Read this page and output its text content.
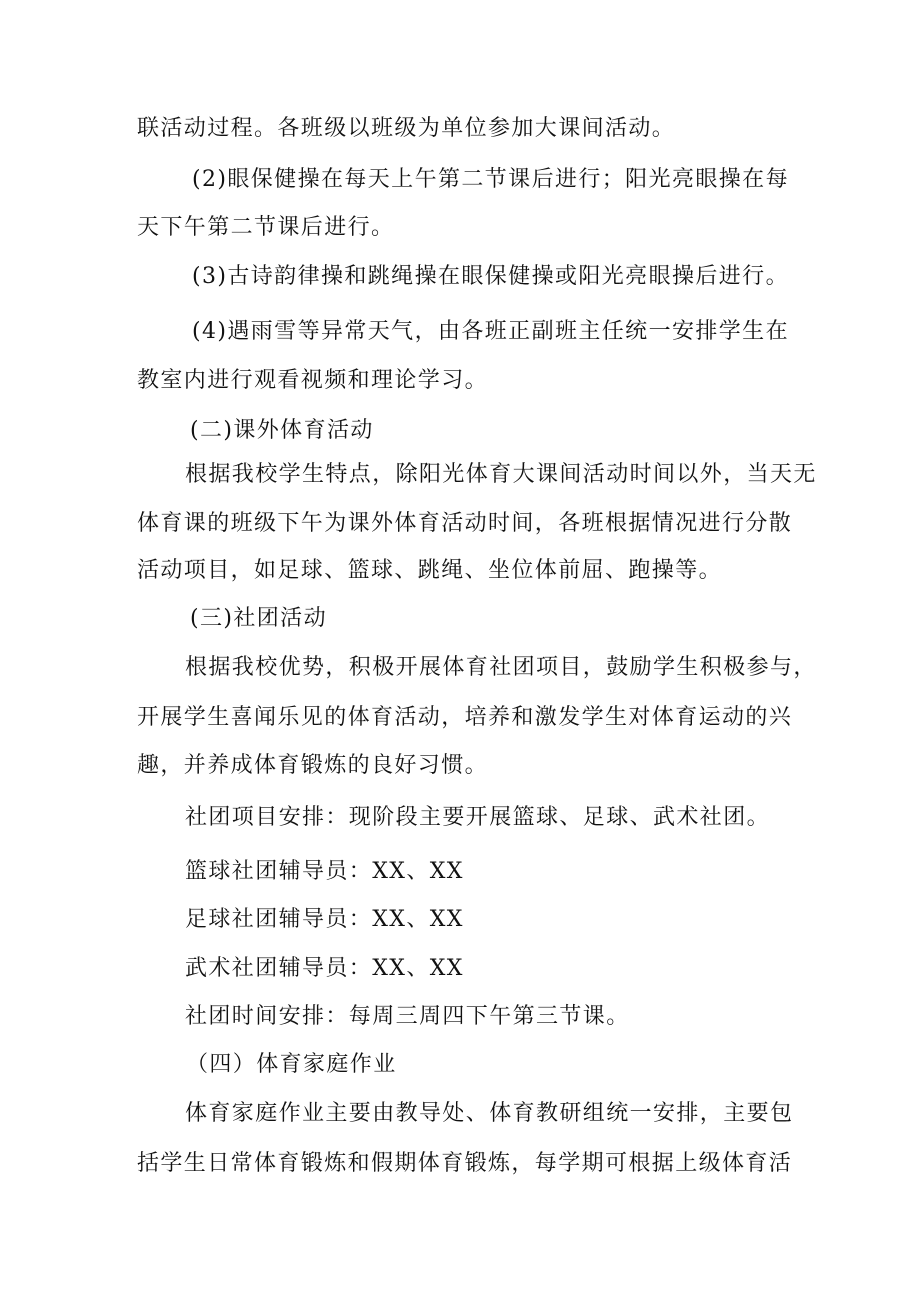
联活动过程。各班级以班级为单位参加大课间活动。
(2)眼保健操在每天上午第二节课后进行；阳光亮眼操在每
天下午第二节课后进行。
(3)古诗韵律操和跳绳操在眼保健操或阳光亮眼操后进行。
(4)遇雨雪等异常天气，由各班正副班主任统一安排学生在
教室内进行观看视频和理论学习。
(二)课外体育活动
根据我校学生特点，除阳光体育大课间活动时间以外，当天无
体育课的班级下午为课外体育活动时间，各班根据情况进行分散
活动项目，如足球、篮球、跳绳、坐位体前屈、跑操等。
(三)社团活动
根据我校优势，积极开展体育社团项目，鼓励学生积极参与，
开展学生喜闻乐见的体育活动，培养和激发学生对体育运动的兴
趣，并养成体育锻炼的良好习惯。
社团项目安排：现阶段主要开展篮球、足球、武术社团。
篮球社团辅导员：XX、XX
足球社团辅导员：XX、XX
武术社团辅导员：XX、XX
社团时间安排：每周三周四下午第三节课。
（四）体育家庭作业
体育家庭作业主要由教导处、体育教研组统一安排，主要包
括学生日常体育锻炼和假期体育锻炼，每学期可根据上级体育活
